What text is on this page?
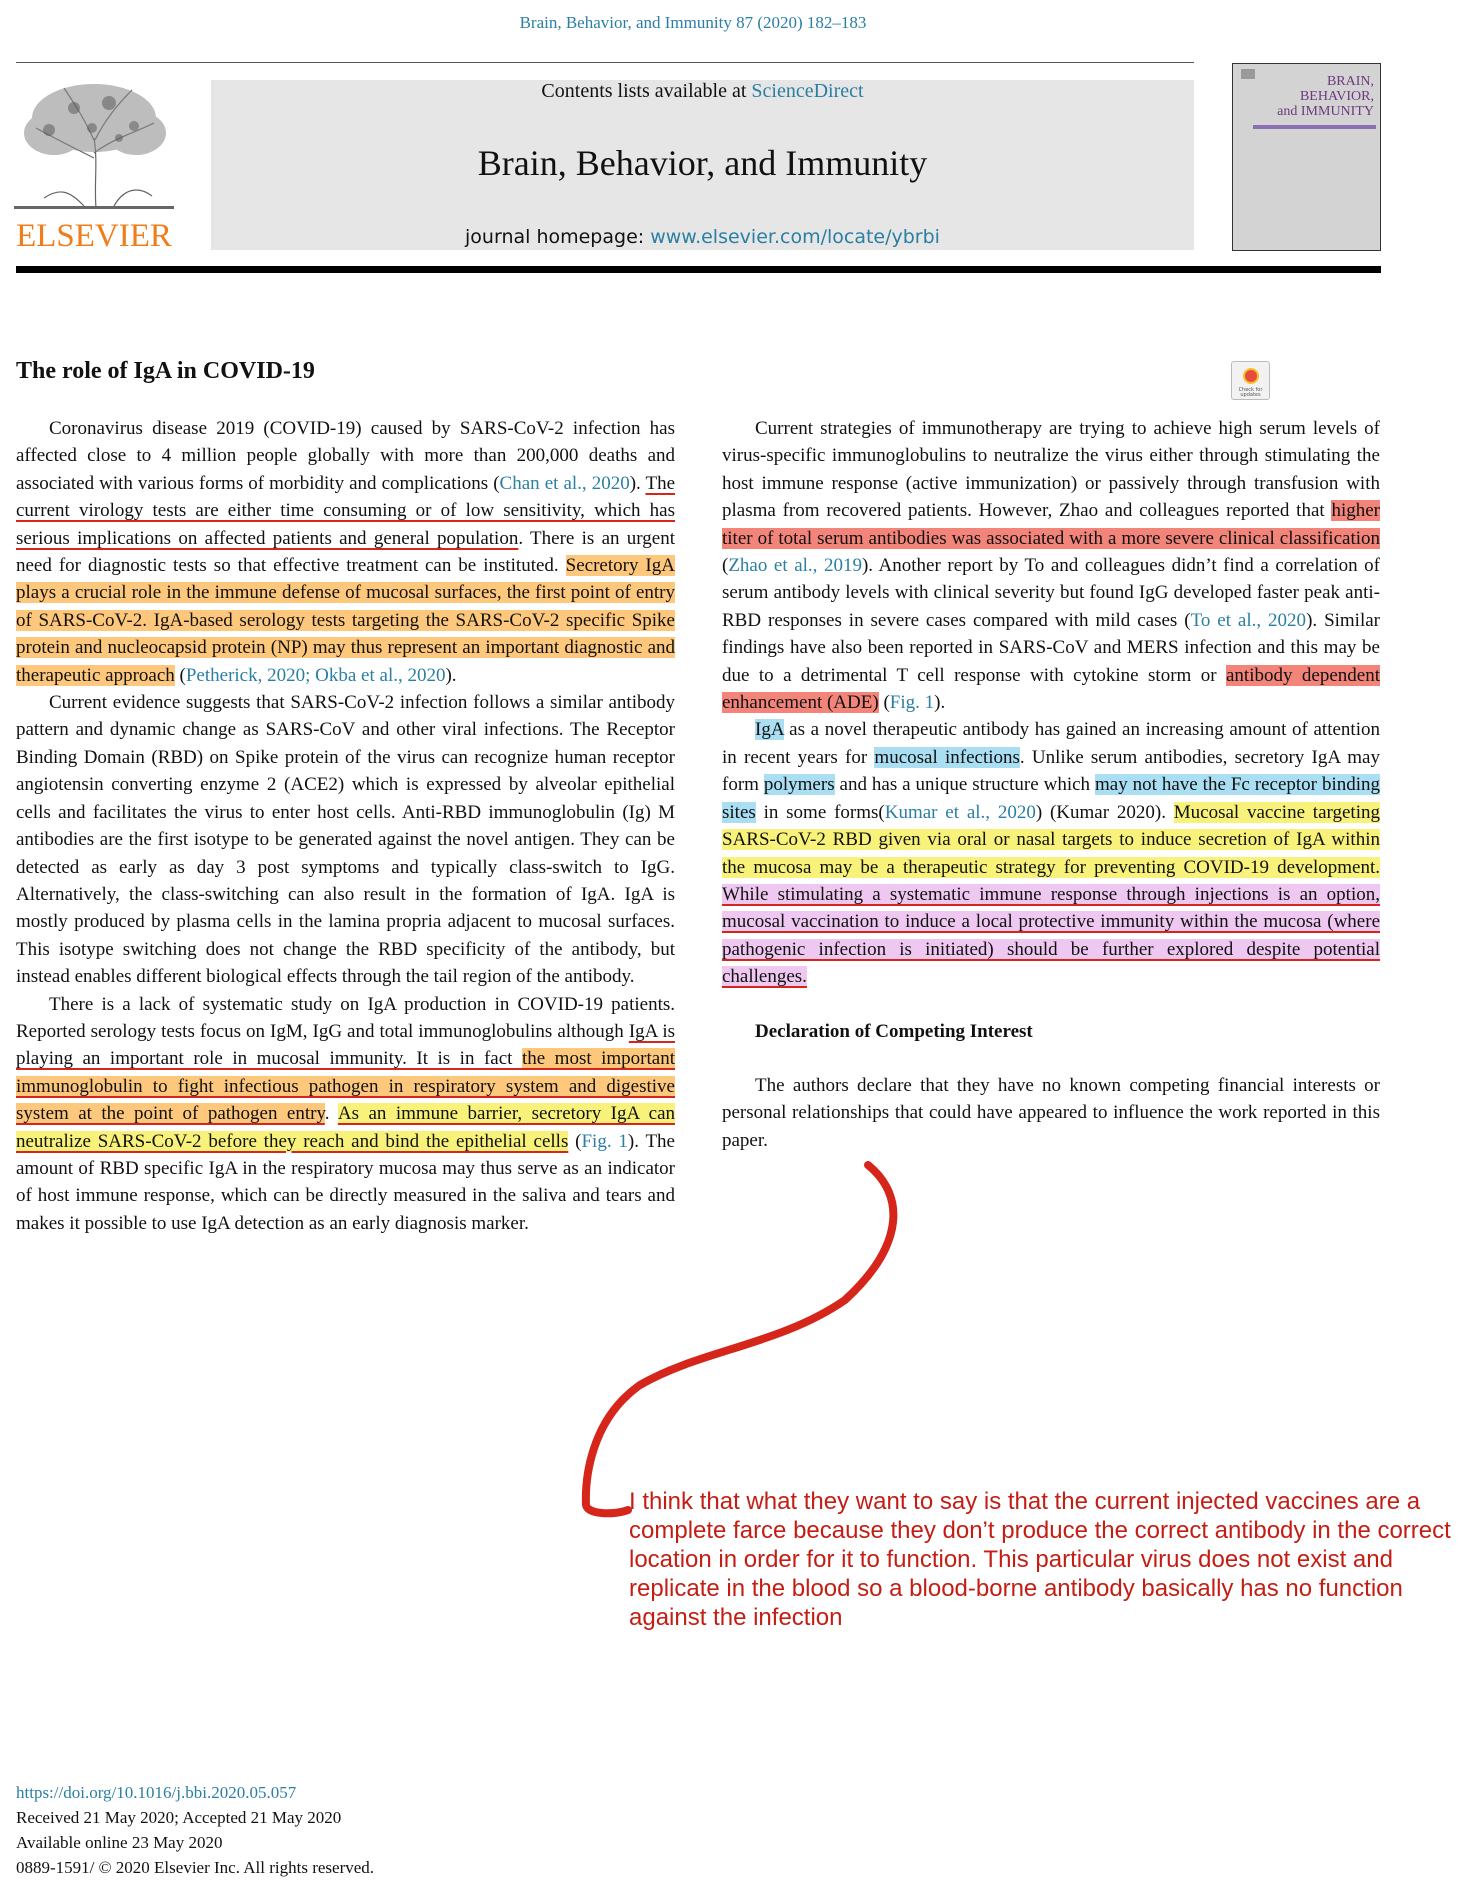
Brain, Behavior, and Immunity 87 (2020) 182–183
ELSEVIER
Contents lists available at ScienceDirect
Brain, Behavior, and Immunity
journal homepage: www.elsevier.com/locate/ybrbi
BRAIN,
BEHAVIOR,
and IMMUNITY
The role of IgA in COVID-19
Check for updates

Coronavirus disease 2019 (COVID-19) caused by SARS-CoV-2 infection has affected close to 4 million people globally with more than 200,000 deaths and associated with various forms of morbidity and complications (Chan et al., 2020). The current virology tests are either time consuming or of low sensitivity, which has serious implications on affected patients and general population. There is an urgent need for diagnostic tests so that effective treatment can be instituted. Secretory IgA plays a crucial role in the immune defense of mucosal surfaces, the first point of entry of SARS-CoV-2. IgA-based serology tests targeting the SARS-CoV-2 specific Spike protein and nucleocapsid protein (NP) may thus represent an important diagnostic and therapeutic approach (Petherick, 2020; Okba et al., 2020).

Current evidence suggests that SARS-CoV-2 infection follows a similar antibody pattern and dynamic change as SARS-CoV and other viral infections. The Receptor Binding Domain (RBD) on Spike protein of the virus can recognize human receptor angiotensin converting enzyme 2 (ACE2) which is expressed by alveolar epithelial cells and facilitates the virus to enter host cells. Anti-RBD immunoglobulin (Ig) M antibodies are the first isotype to be generated against the novel antigen. They can be detected as early as day 3 post symptoms and typically class-switch to IgG. Alternatively, the class-switching can also result in the formation of IgA. IgA is mostly produced by plasma cells in the lamina propria adjacent to mucosal surfaces. This isotype switching does not change the RBD specificity of the antibody, but instead enables different biological effects through the tail region of the antibody.

There is a lack of systematic study on IgA production in COVID-19 patients. Reported serology tests focus on IgM, IgG and total immunoglobulins although IgA is playing an important role in mucosal immunity. It is in fact the most important immunoglobulin to fight infectious pathogen in respiratory system and digestive system at the point of pathogen entry. As an immune barrier, secretory IgA can neutralize SARS-CoV-2 before they reach and bind the epithelial cells (Fig. 1). The amount of RBD specific IgA in the respiratory mucosa may thus serve as an indicator of host immune response, which can be directly measured in the saliva and tears and makes it possible to use IgA detection as an early diagnosis marker.

Current strategies of immunotherapy are trying to achieve high serum levels of virus-specific immunoglobulins to neutralize the virus either through stimulating the host immune response (active immunization) or passively through transfusion with plasma from recovered patients. However, Zhao and colleagues reported that higher titer of total serum antibodies was associated with a more severe clinical classification (Zhao et al., 2019). Another report by To and colleagues didn’t find a correlation of serum antibody levels with clinical severity but found IgG developed faster peak anti-RBD responses in severe cases compared with mild cases (To et al., 2020). Similar findings have also been reported in SARS-CoV and MERS infection and this may be due to a detrimental T cell response with cytokine storm or antibody dependent enhancement (ADE) (Fig. 1).

IgA as a novel therapeutic antibody has gained an increasing amount of attention in recent years for mucosal infections. Unlike serum antibodies, secretory IgA may form polymers and has a unique structure which may not have the Fc receptor binding sites in some forms(Kumar et al., 2020) (Kumar 2020). Mucosal vaccine targeting SARS-CoV-2 RBD given via oral or nasal targets to induce secretion of IgA within the mucosa may be a therapeutic strategy for preventing COVID-19 development. While stimulating a systematic immune response through injections is an option, mucosal vaccination to induce a local protective immunity within the mucosa (where pathogenic infection is initiated) should be further explored despite potential challenges.

Declaration of Competing Interest

The authors declare that they have no known competing financial interests or personal relationships that could have appeared to influence the work reported in this paper.

I think that what they want to say is that the current injected vaccines are a complete farce because they don’t produce the correct antibody in the correct location in order for it to function. This particular virus does not exist and replicate in the blood so a blood-borne antibody basically has no function against the infection
https://doi.org/10.1016/j.bbi.2020.05.057
Received 21 May 2020; Accepted 21 May 2020
Available online 23 May 2020
0889-1591/ © 2020 Elsevier Inc. All rights reserved.
